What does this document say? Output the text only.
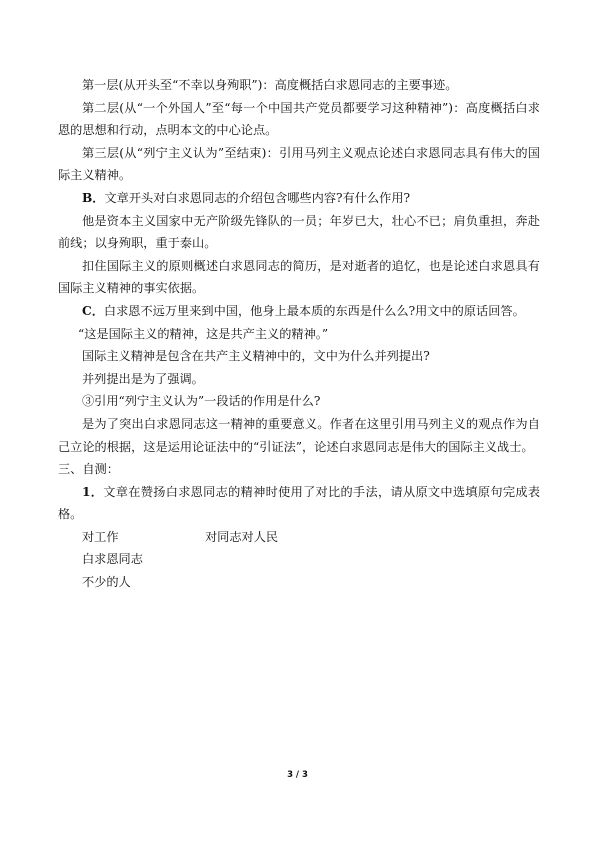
第一层(从开头至“不幸以身殉职”)：高度概括白求恩同志的主要事迹。

第二层(从“一个外国人”至“每一个中国共产党员都要学习这种精神”)：高度概括白求恩的思想和行动，点明本文的中心论点。

第三层(从“列宁主义认为”至结束)：引用马列主义观点论述白求恩同志具有伟大的国际主义精神。

B．文章开头对白求恩同志的介绍包含哪些内容?有什么作用?

他是资本主义国家中无产阶级先锋队的一员；年岁已大，壮心不已；肩负重担，奔赴前线；以身殉职，重于泰山。

扣住国际主义的原则概述白求恩同志的简历，是对逝者的追忆，也是论述白求恩具有国际主义精神的事实依据。

C．白求恩不远万里来到中国，他身上最本质的东西是什么么?用文中的原话回答。

“这是国际主义的精神，这是共产主义的精神。”

国际主义精神是包含在共产主义精神中的，文中为什么并列提出?

并列提出是为了强调。

③引用“列宁主义认为”一段话的作用是什么?

是为了突出白求恩同志这一精神的重要意义。作者在这里引用马列主义的观点作为自己立论的根据，这是运用论证法中的“引证法”，论述白求恩同志是伟大的国际主义战士。

三、自测：

1．文章在赞扬白求恩同志的精神时使用了对比的手法，请从原文中选填原句完成表格。

对工作	对同志对人民
白求恩同志
不少的人
3 / 3
